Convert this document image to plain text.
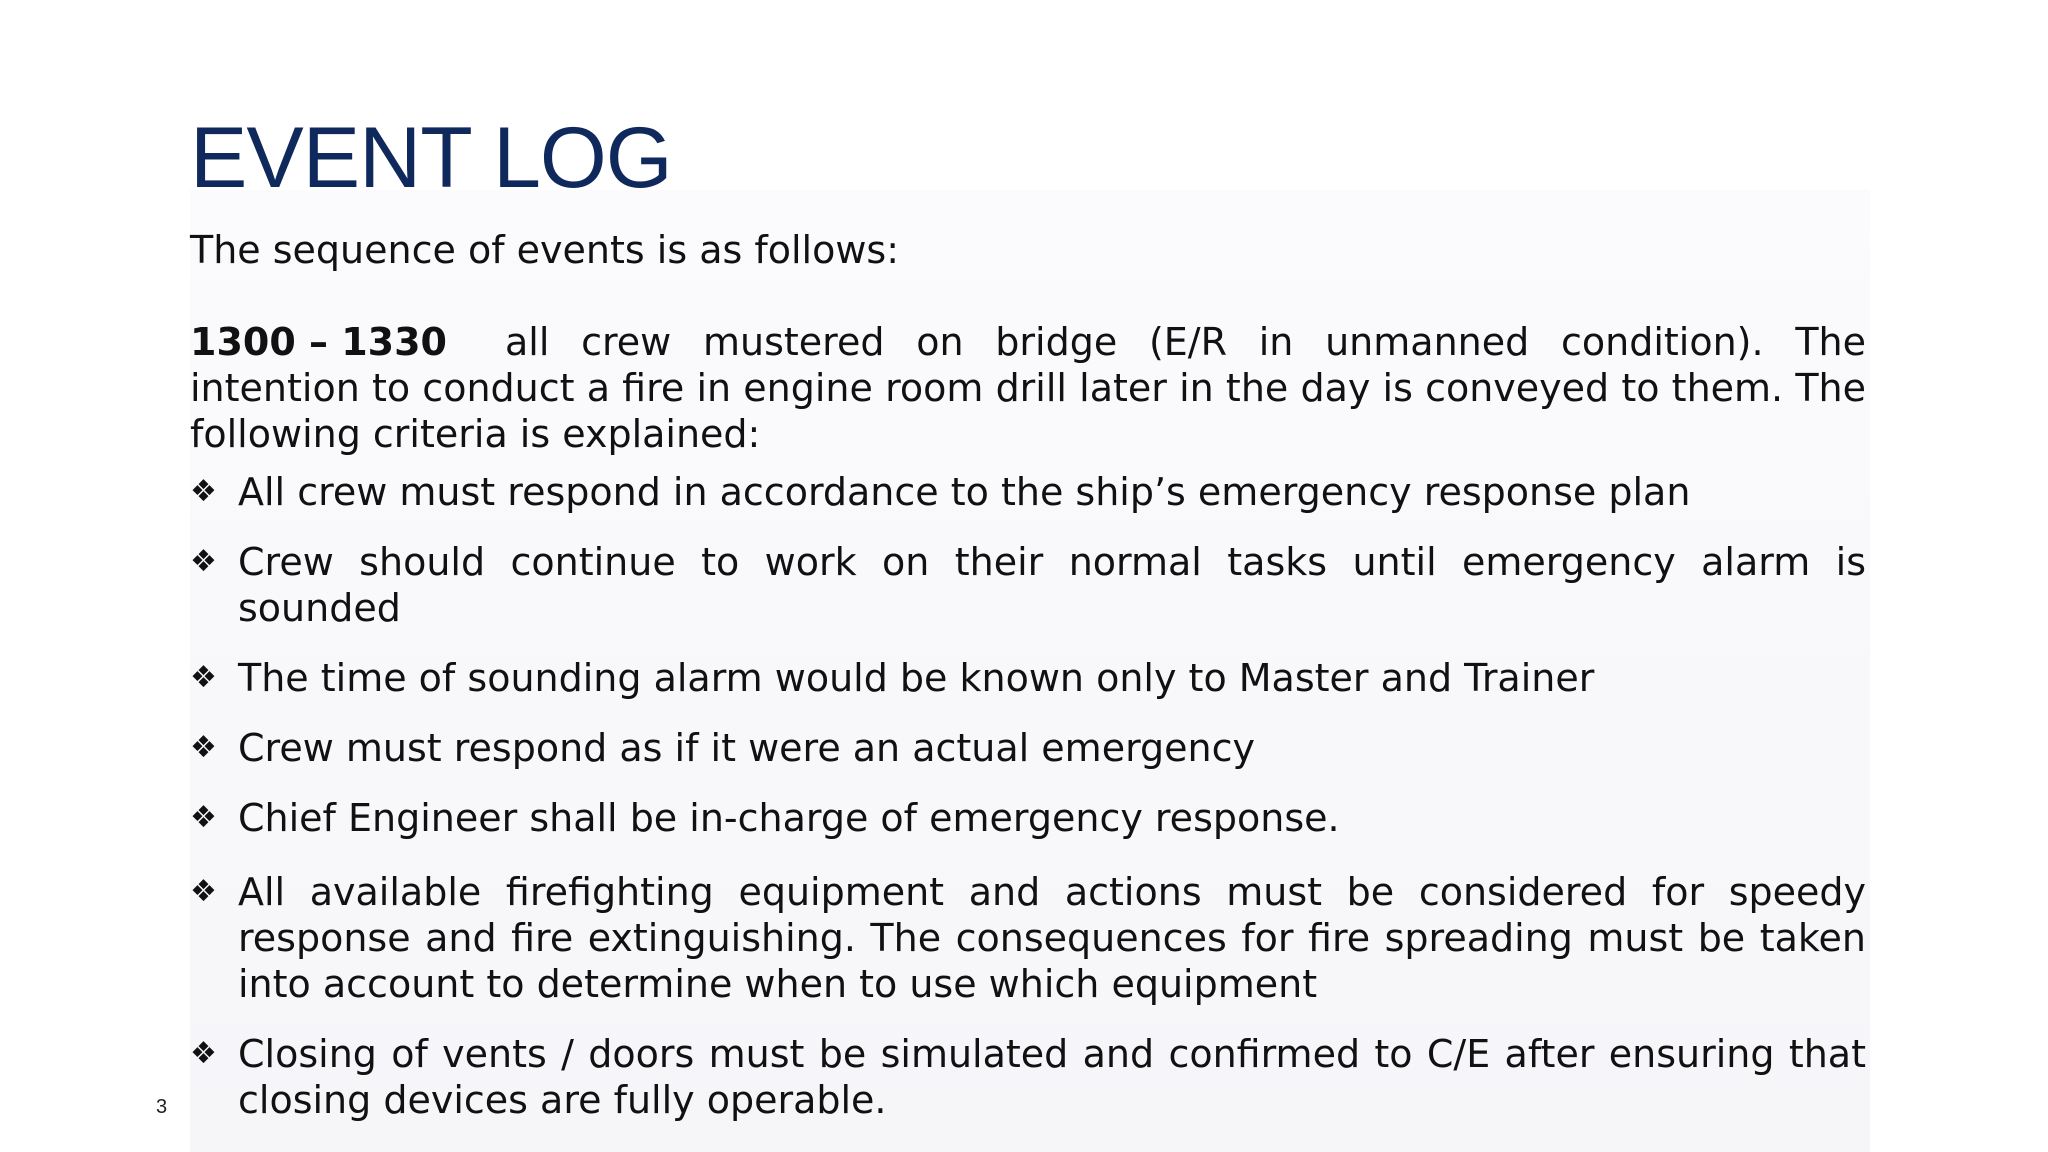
EVENT LOG

The sequence of events is as follows:

1300 – 1330 all crew mustered on bridge (E/R in unmanned condition). The intention to conduct a fire in engine room drill later in the day is conveyed to them. The following criteria is explained:

❖ All crew must respond in accordance to the ship’s emergency response plan
❖ Crew should continue to work on their normal tasks until emergency alarm is sounded
❖ The time of sounding alarm would be known only to Master and Trainer
❖ Crew must respond as if it were an actual emergency
❖ Chief Engineer shall be in-charge of emergency response.
❖ All available firefighting equipment and actions must be considered for speedy response and fire extinguishing. The consequences for fire spreading must be taken into account to determine when to use which equipment
❖ Closing of vents / doors must be simulated and confirmed to C/E after ensuring that closing devices are fully operable.
3
